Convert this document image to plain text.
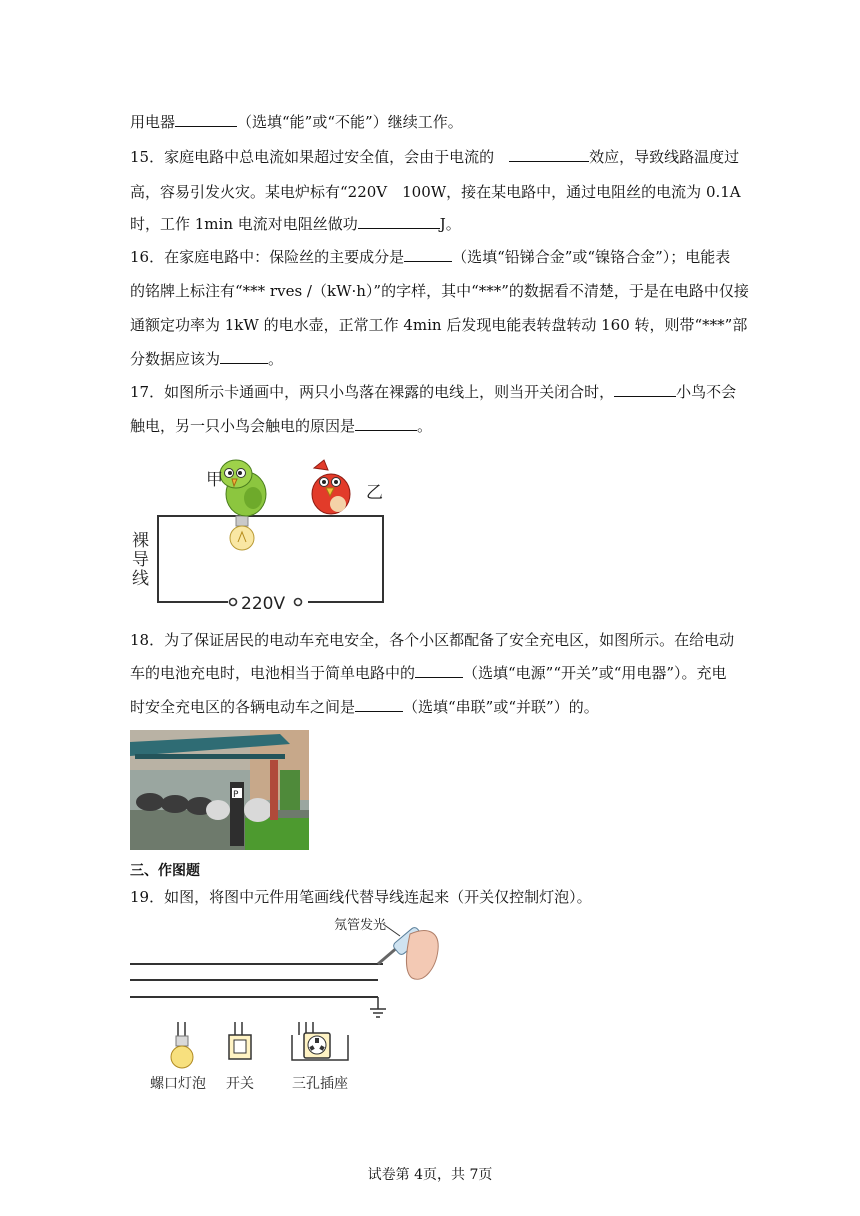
用电器	（选填“能”或“不能”）继续工作。
15．家庭电路中总电流如果超过安全值，会由于电流的　	效应，导致线路温度过
高，容易引发火灾。某电炉标有“220V　100W，接在某电路中，通过电阻丝的电流为 0.1A
时，工作 1min 电流对电阻丝做功	J。
16．在家庭电路中：保险丝的主要成分是	（选填“铅锑合金”或“镍铬合金”）；电能表
的铭牌上标注有“*** rves /（kW·h）”的字样，其中“***”的数据看不清楚，于是在电路中仅接
通额定功率为 1kW 的电水壶，正常工作 4min 后发现电能表转盘转动 160 转，则带“***”部
分数据应该为	。
17．如图所示卡通画中，两只小鸟落在裸露的电线上，则当开关闭合时，	小鸟不会
触电，另一只小鸟会触电的原因是	。
220V
裸
导
线
甲
乙
18．为了保证居民的电动车充电安全，各个小区都配备了安全充电区，如图所示。在给电动
车的电池充电时，电池相当于简单电路中的	（选填“电源”“开关”或“用电器”）。充电
时安全充电区的各辆电动车之间是	（选填“串联”或“并联”）的。
P
三、作图题
19．如图，将图中元件用笔画线代替导线连起来（开关仅控制灯泡）。
氖管发光
螺口灯泡 开关	三孔插座
试卷第 4页，共 7页
